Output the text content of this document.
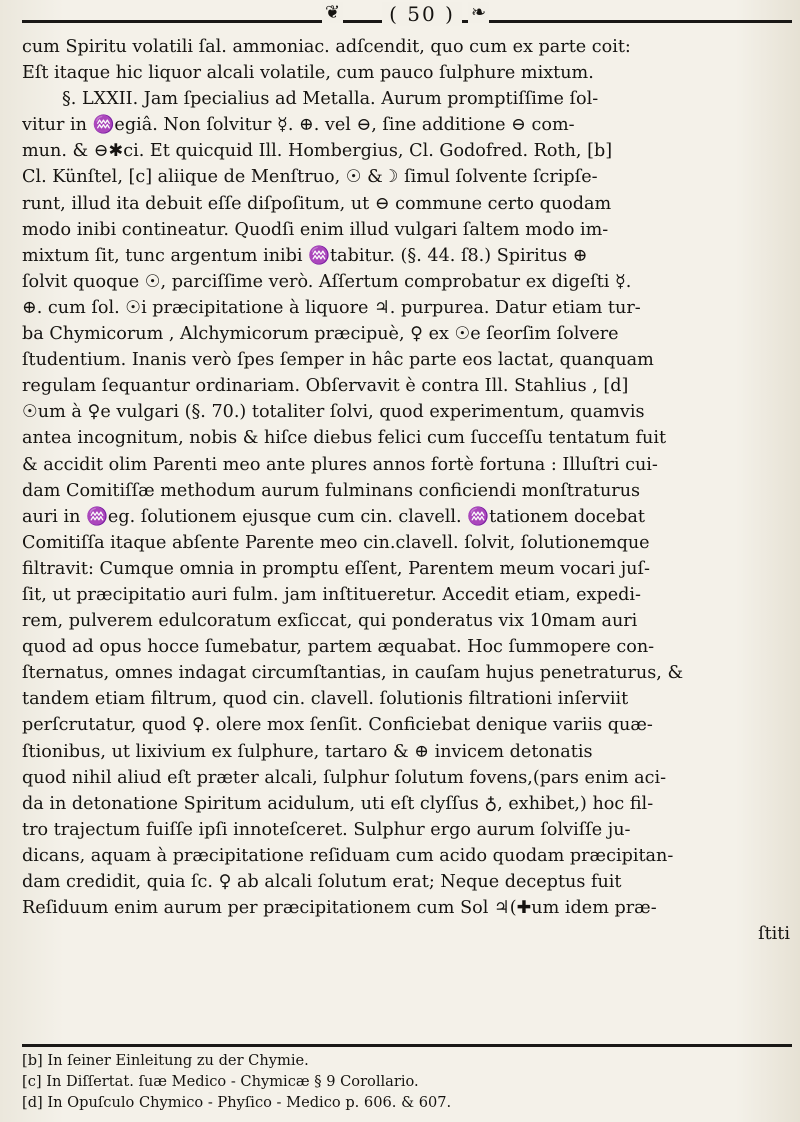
❦	( 50 ) ❧
cum Spiritu volatili ſal. ammoniac. adſcendit, quo cum ex parte coit:
Eſt itaque hic liquor alcali volatile, cum pauco ſulphure mixtum.
§. LXXII. Jam ſpecialius ad Metalla. Aurum promptiſſime ſol-
vitur in ♒egiâ. Non ſolvitur ☿. ⊕. vel ⊖, ſine additione ⊖ com-
mun. & ⊖✱ci. Et quicquid Ill. Hombergius, Cl. Godofred. Roth, [b]
Cl. Künſtel, [c] aliique de Menſtruo, ☉ &☽ ſimul ſolvente ſcripſe-
runt, illud ita debuit eſſe diſpoſitum, ut ⊖ commune certo quodam
modo inibi contineatur. Quodſi enim illud vulgari ſaltem modo im-
mixtum ſit, tunc argentum inibi ♒tabitur. (§. 44. ſ8.) Spiritus ⊕
ſolvit quoque ☉, parciſſime verò. Aſſertum comprobatur ex digeſti ☿.
⊕. cum ſol. ☉i præcipitatione à liquore ♃. purpurea. Datur etiam tur-
ba Chymicorum , Alchymicorum præcipuè, ♀ ex ☉e ſeorſim ſolvere
ſtudentium. Inanis verò ſpes ſemper in hâc parte eos lactat, quanquam
regulam ſequantur ordinariam. Obſervavit è contra Ill. Stahlius , [d]
☉um à ♀e vulgari (§. 70.) totaliter ſolvi, quod experimentum, quamvis
antea incognitum, nobis & hiſce diebus felici cum ſucceſſu tentatum fuit
& accidit olim Parenti meo ante plures annos fortè fortuna : Illuſtri cui-
dam Comitiſſæ methodum aurum fulminans conficiendi monſtraturus
auri in ♒eg. ſolutionem ejusque cum cin. clavell. ♒tationem docebat
Comitiſſa itaque abſente Parente meo cin.clavell. ſolvit, ſolutionemque
filtravit: Cumque omnia in promptu eſſent, Parentem meum vocari juſ-
ſit, ut præcipitatio auri fulm. jam inſtitueretur. Accedit etiam, expedi-
rem, pulverem edulcoratum exſiccat, qui ponderatus vix 10mam auri
quod ad opus hocce ſumebatur, partem æquabat. Hoc ſummopere con-
ſternatus, omnes indagat circumſtantias, in cauſam hujus penetraturus, &
tandem etiam filtrum, quod cin. clavell. ſolutionis filtrationi inſerviit
perſcrutatur, quod ♀. olere mox ſenſit. Conficiebat denique variis quæ-
ſtionibus, ut lixivium ex ſulphure, tartaro & ⊕ invicem detonatis
quod nihil aliud eſt præter alcali, ſulphur ſolutum fovens,(pars enim aci-
da in detonatione Spiritum acidulum, uti eſt clyſſus ♁, exhibet,) hoc fil-
tro trajectum fuiſſe ipſi innoteſceret. Sulphur ergo aurum ſolviſſe ju-
dicans, aquam à præcipitatione reſiduam cum acido quodam præcipitan-
dam credidit, quia ſc. ♀ ab alcali ſolutum erat; Neque deceptus fuit
Reſiduum enim aurum per præcipitationem cum Sol ♃(✚um idem præ-
ſtiti
[b] In ſeiner Einleitung zu der Chymie.
[c] In Diſſertat. ſuæ Medico - Chymicæ § 9 Corollario.
[d] In Opuſculo Chymico - Phyſico - Medico p. 606. & 607.
